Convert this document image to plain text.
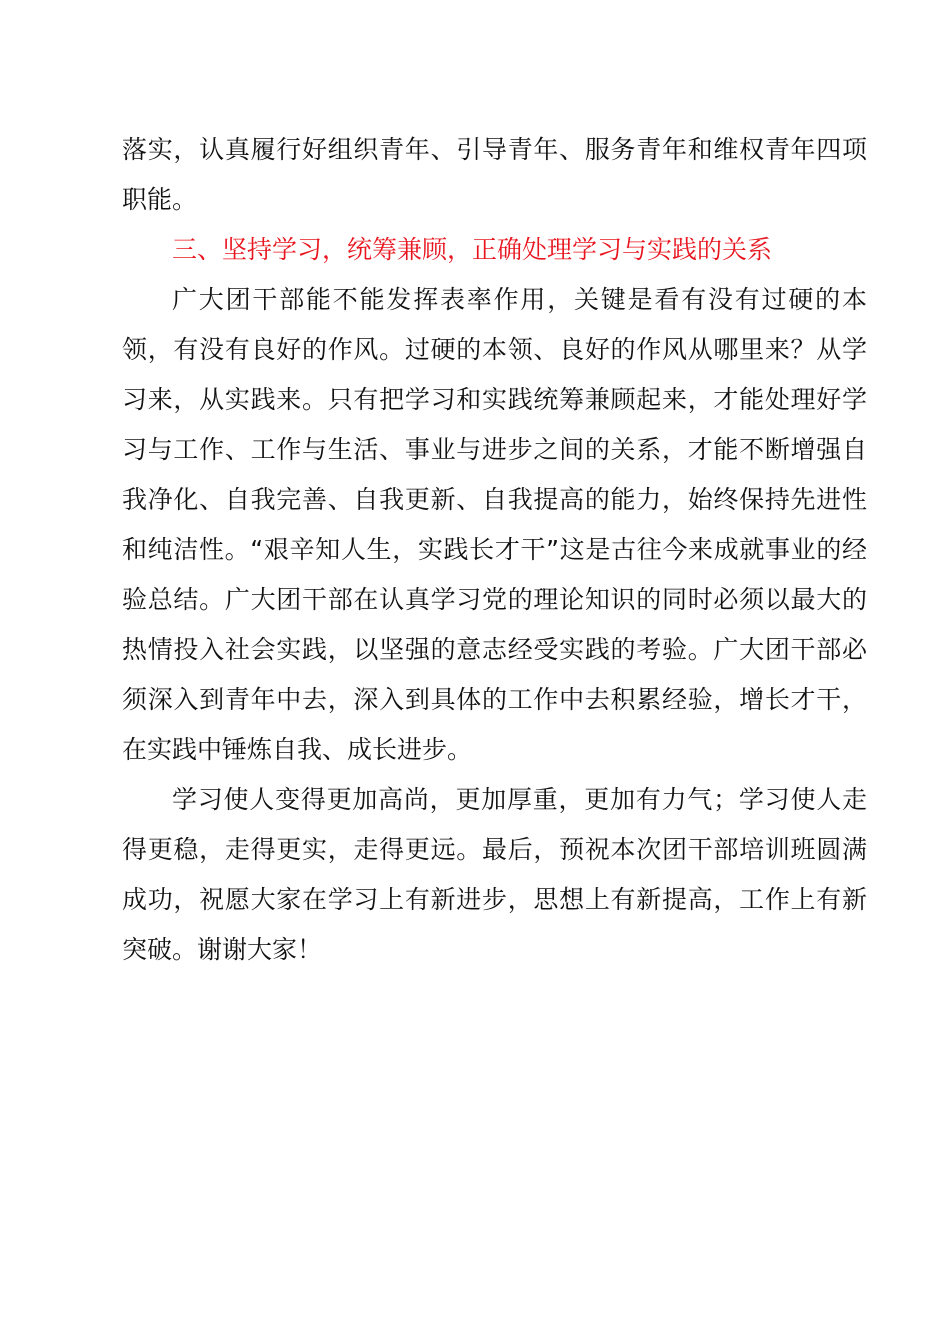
落实，认真履行好组织青年、引导青年、服务青年和维权青年四项职能。

三、坚持学习，统筹兼顾，正确处理学习与实践的关系

广大团干部能不能发挥表率作用，关键是看有没有过硬的本领，有没有良好的作风。过硬的本领、良好的作风从哪里来？从学习来，从实践来。只有把学习和实践统筹兼顾起来，才能处理好学习与工作、工作与生活、事业与进步之间的关系，才能不断增强自我净化、自我完善、自我更新、自我提高的能力，始终保持先进性和纯洁性。“艰辛知人生，实践长才干”这是古往今来成就事业的经验总结。广大团干部在认真学习党的理论知识的同时必须以最大的热情投入社会实践，以坚强的意志经受实践的考验。广大团干部必须深入到青年中去，深入到具体的工作中去积累经验，增长才干，在实践中锤炼自我、成长进步。

学习使人变得更加高尚，更加厚重，更加有力气；学习使人走得更稳，走得更实，走得更远。最后，预祝本次团干部培训班圆满成功，祝愿大家在学习上有新进步，思想上有新提高，工作上有新突破。谢谢大家！
